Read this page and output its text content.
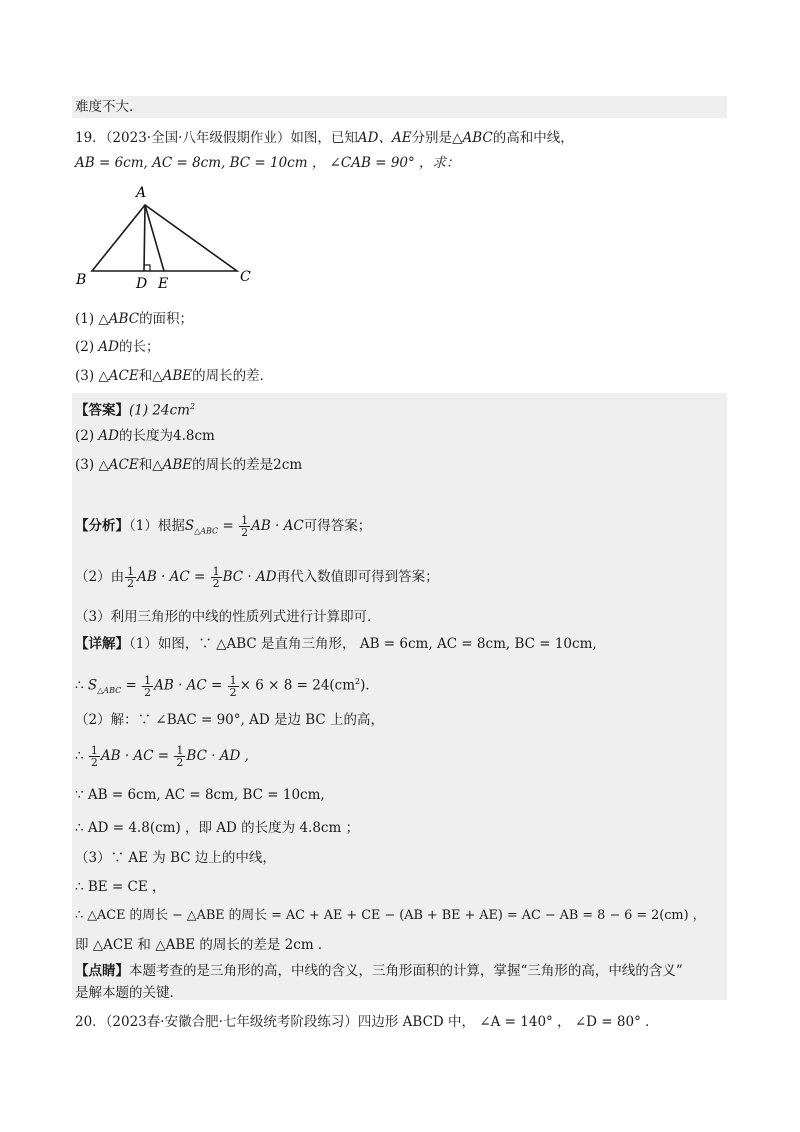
难度不大．
19．（2023·全国·八年级假期作业）如图，已知AD、AE分别是△ABC的高和中线，
AB = 6cm, AC = 8cm, BC = 10cm ， ∠CAB = 90° ，求：
A
B	C
D E
(1) △ABC的面积；
(2) AD的长；
(3) △ACE和△ABE的周长的差．
【答案】(1) $24cm^2$
(2) AD的长度为4.8cm
(3) △ACE和△ABE的周长的差是2cm
【分析】（1）根据$S_{\triangle ABC} = \frac{1}{2}$ AB · AC可得答案；
（2）由 $\frac{1}{2}$ AB · AC = $\frac{1}{2}$ BC · AD再代入数值即可得到答案；
（3）利用三角形的中线的性质列式进行计算即可．
【详解】（1）如图，∵ △ABC 是直角三角形， AB = 6cm, AC = 8cm, BC = 10cm,
∴ $S_{\triangle ABC} = \frac{1}{2}$ AB · AC = $\frac{1}{2} \times 6 \times 8 = 24(cm^2)$．
（2）解：∵ ∠BAC = 90°, AD 是边 BC 上的高，
∴ $\frac{1}{2}$ AB · AC = $\frac{1}{2}$ BC · AD ,
∵ AB = 6cm, AC = 8cm, BC = 10cm,
∴ AD = 4.8(cm) ，即 AD 的长度为 4.8cm ；
（3）∵ AE 为 BC 边上的中线，
∴ BE = CE ，
∴ △ACE 的周长 − △ABE 的周长 = AC + AE + CE − (AB + BE + AE) = AC − AB = 8 − 6 = 2(cm) ，
即 △ACE 和 △ABE 的周长的差是 2cm ．
【点睛】本题考查的是三角形的高，中线的含义，三角形面积的计算，掌握“三角形的高，中线的含义”
是解本题的关键．
20．（2023春·安徽合肥·七年级统考阶段练习）四边形 ABCD 中， ∠A = 140° ， ∠D = 80° ．
